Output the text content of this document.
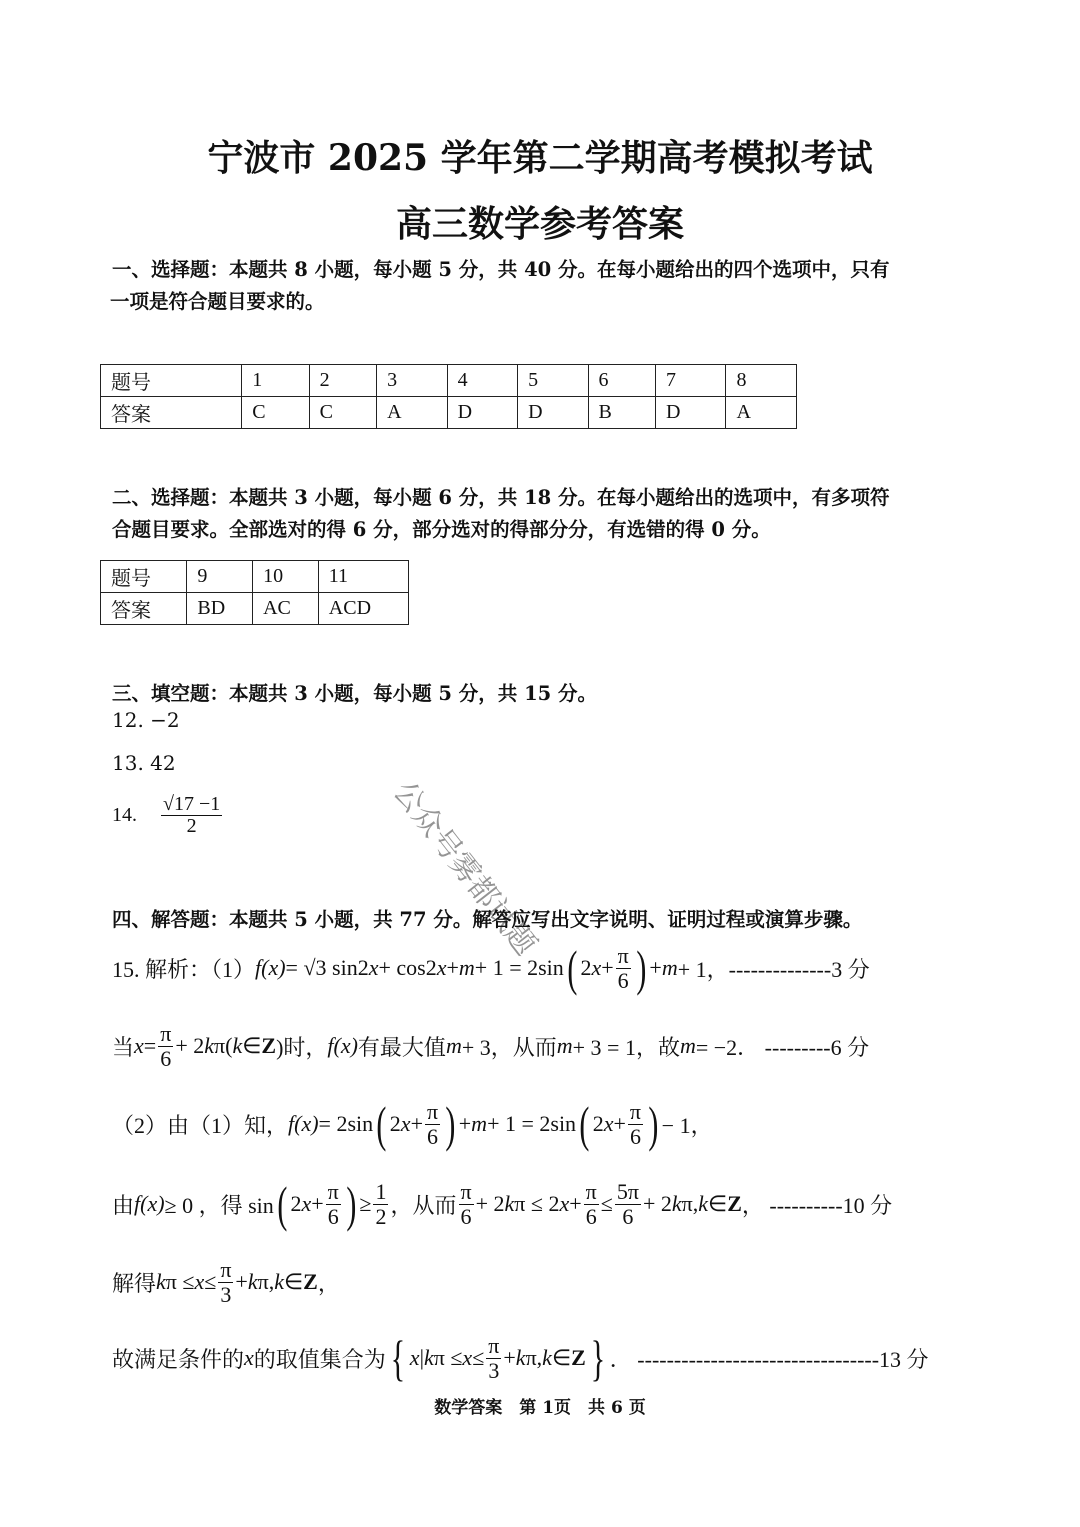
宁波市 2025 学年第二学期高考模拟考试
高三数学参考答案
一、选择题：本题共 8 小题，每小题 5 分，共 40 分。在每小题给出的四个选项中，只有
一项是符合题目要求的。
题号	1	2	3	4	5	6	7	8
答案	C	C	A	D	D	B	D	A
二、选择题：本题共 3 小题，每小题 6 分，共 18 分。在每小题给出的选项中，有多项符
合题目要求。全部选对的得 6 分，部分选对的得部分分，有选错的得 0 分。
题号	9	10	11
答案	BD	AC	ACD
三、填空题：本题共 3 小题，每小题 5 分，共 15 分。
12. −2
13. 42
14. $\frac{√17 -1}{2}$	公众号雾都试题
四、解答题：本题共 5 小题，共 77 分。解答应写出文字说明、证明过程或演算步骤。
15. 解析：（1） f(x) = √3 sin2 x + cos2 x + m + 1 = 2sin ( 2 $x + \frac{\pi}{6}$ ) + m + 1， --------------3 分
当 $x = \frac{\pi}{6} + 2$ k π( k ∈ Z )时， f(x) 有最大值 m + 3，从而 m + 3 = 1，故 m = −2． ---------6 分
（2）由（1）知， f(x) = 2sin ( 2 $x + \frac{\pi}{6}$ ) + m + 1 = 2sin ( 2 $x + \frac{\pi}{6}$ ) − 1，
由 f(x) ≥ 0 ，得 sin ( 2 $x + \frac{\pi}{6}$ ) ≥ $\frac{1}{2}$ ，从而 $\frac{\pi}{6} + 2$ k π ≤ 2 $x + \frac{\pi}{6} \le \frac{5\pi}{6} + 2$ k π, k ∈ Z ， ----------10 分
解得 k $\pi \le x \le \frac{\pi}{3} + k$ π, k ∈ Z ，
故满足条件的 x 的取值集合为 { x | k $\pi \le x \le \frac{\pi}{3} + k$ π, k ∈ Z } ． ---------------------------------13 分
数学答案　第 1页　共 6 页
